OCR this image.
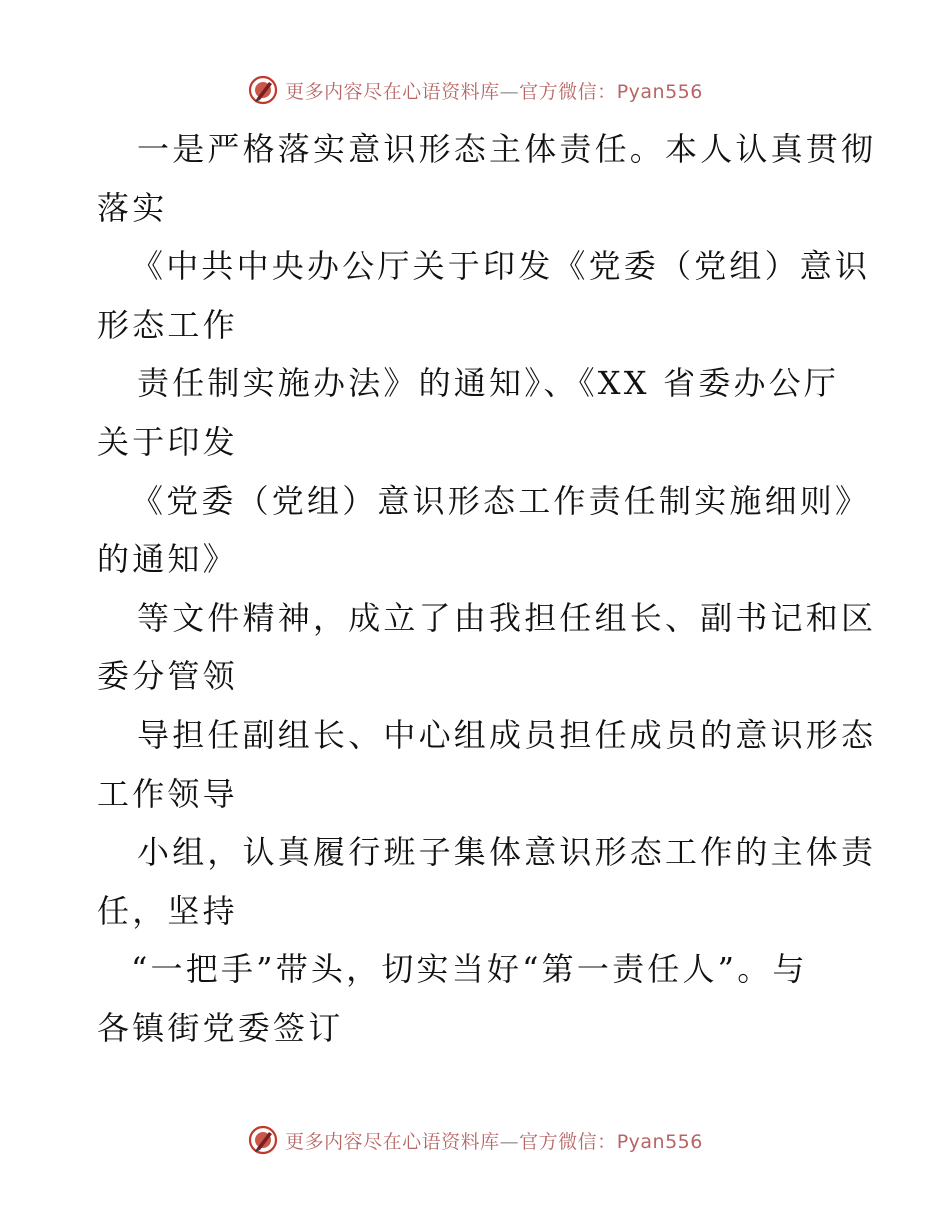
更多内容尽在心语资料库—官方微信：Pyan556
一是严格落实意识形态主体责任。本人认真贯彻
落实
《中共中央办公厅关于印发《党委（党组）意识
形态工作
责任制实施办法》的通知》、《XX 省委办公厅
关于印发
《党委（党组）意识形态工作责任制实施细则》
的通知》
等文件精神，成立了由我担任组长、副书记和区
委分管领
导担任副组长、中心组成员担任成员的意识形态
工作领导
小组，认真履行班子集体意识形态工作的主体责
任，坚持
“一把手”带头，切实当好“第一责任人”。与
各镇街党委签订
更多内容尽在心语资料库—官方微信：Pyan556
